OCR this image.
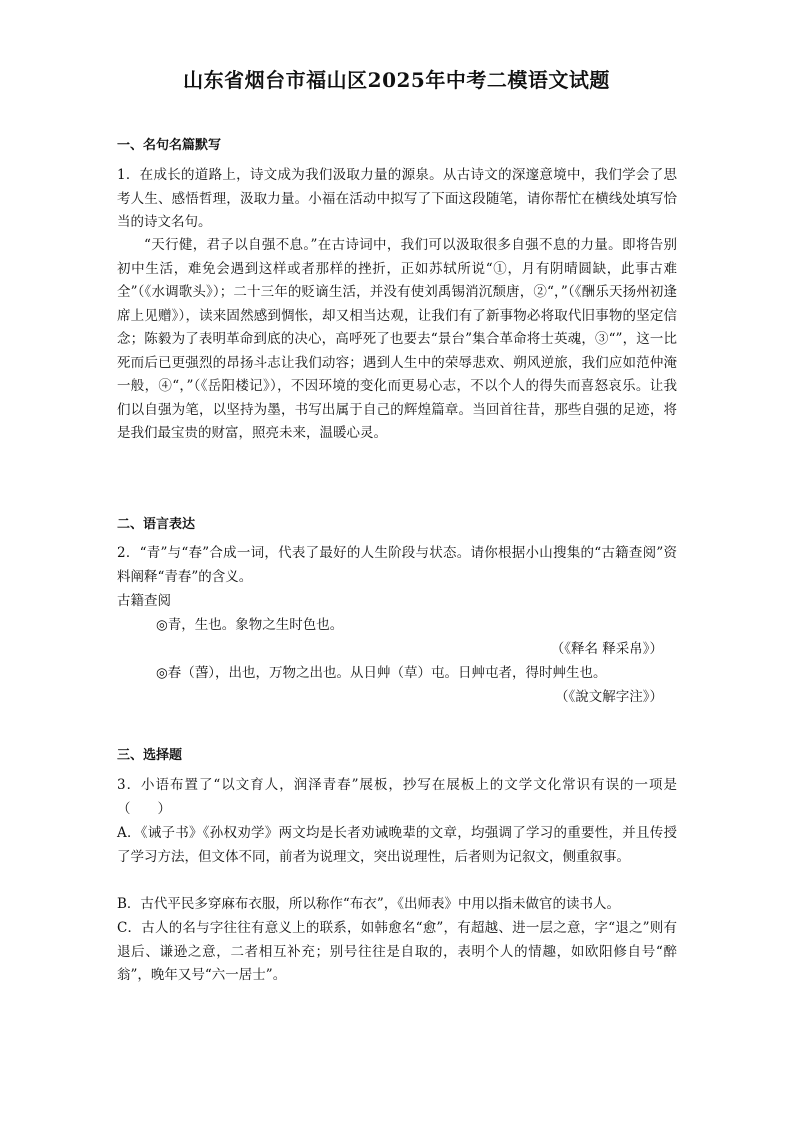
山东省烟台市福山区2025年中考二模语文试题
一、名句名篇默写

1．在成长的道路上，诗文成为我们汲取力量的源泉。从古诗文的深邃意境中，我们学会了思考人生、感悟哲理，汲取力量。小福在活动中拟写了下面这段随笔，请你帮忙在横线处填写恰当的诗文名句。

“天行健，君子以自强不息。”在古诗词中，我们可以汲取很多自强不息的力量。即将告别初中生活，难免会遇到这样或者那样的挫折，正如苏轼所说“①，月有阴晴圆缺，此事古难全”（《水调歌头》）；二十三年的贬谪生活，并没有使刘禹锡消沉颓唐，②“，”（《酬乐天扬州初逢席上见赠》），读来固然感到惆怅，却又相当达观，让我们有了新事物必将取代旧事物的坚定信念；陈毅为了表明革命到底的决心，高呼死了也要去“景台”集合革命将士英魂，③“”，这一比死而后已更强烈的昂扬斗志让我们动容；遇到人生中的荣辱悲欢、朔风逆旅，我们应如范仲淹一般，④“，”（《岳阳楼记》），不因环境的变化而更易心志，不以个人的得失而喜怒哀乐。让我们以自强为笔，以坚持为墨，书写出属于自己的辉煌篇章。当回首往昔，那些自强的足迹，将是我们最宝贵的财富，照亮未来，温暖心灵。

二、语言表达

2．“青”与“春”合成一词，代表了最好的人生阶段与状态。请你根据小山搜集的“古籍查阅”资料阐释“青春”的含义。

古籍查阅
◎青，生也。象物之生时色也。
（《释名 释采帛》）
◎春（萅），出也，万物之出也。从日艸（草）屯。日艸屯者，得时艸生也。
（《說文解字注》）
三、选择题

3．小语布置了“以文育人，润泽青春”展板，抄写在展板上的文学文化常识有误的一项是（　　）

A．《诫子书》《孙权劝学》两文均是长者劝诫晚辈的文章，均强调了学习的重要性，并且传授了学习方法，但文体不同，前者为说理文，突出说理性，后者则为记叙文，侧重叙事。

B．古代平民多穿麻布衣服，所以称作“布衣”，《出师表》中用以指未做官的读书人。

C．古人的名与字往往有意义上的联系，如韩愈名“愈”，有超越、进一层之意，字“退之”则有退后、谦逊之意，二者相互补充；别号往往是自取的，表明个人的情趣，如欧阳修自号“醉翁”，晚年又号“六一居士”。
